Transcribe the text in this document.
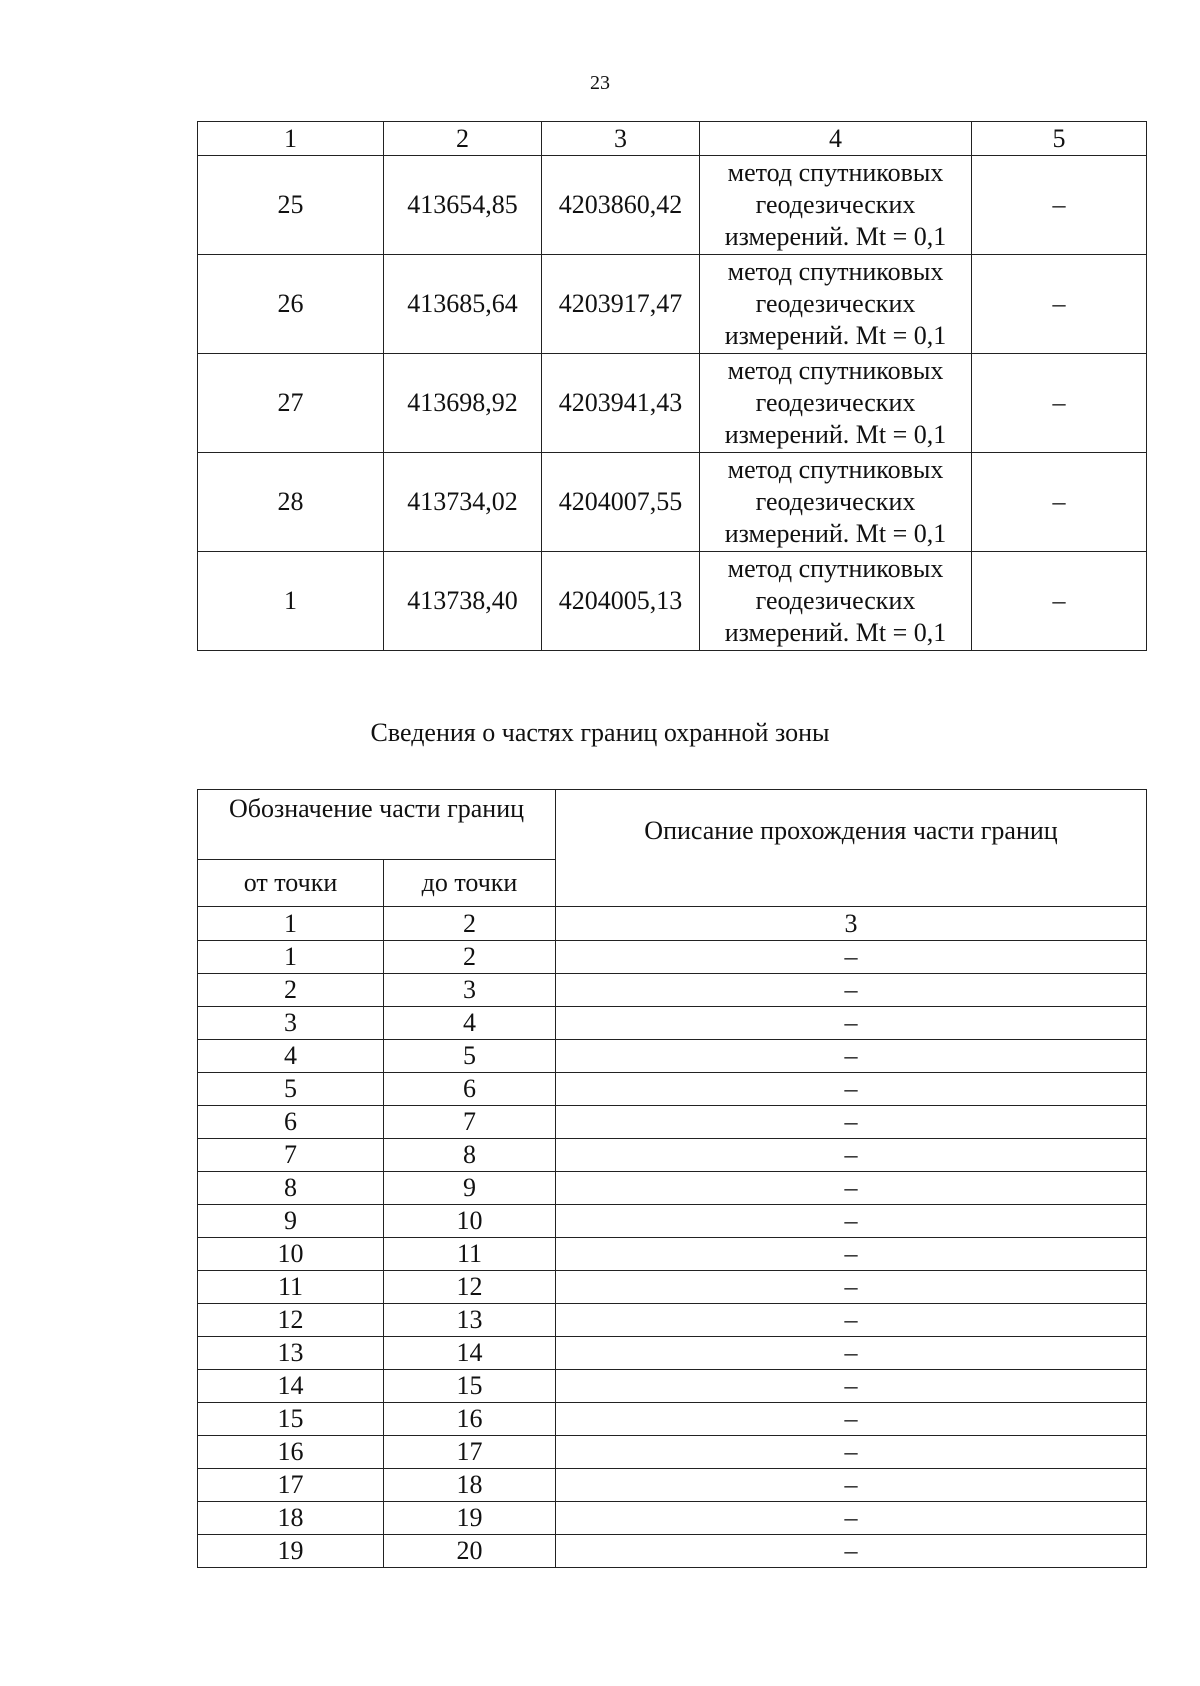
23
1	2	3	4	5
25	413654,85	4203860,42	метод спутниковых
геодезических
измерений. Mt = 0,1	–
26	413685,64	4203917,47	метод спутниковых
геодезических
измерений. Mt = 0,1	–
27	413698,92	4203941,43	метод спутниковых
геодезических
измерений. Mt = 0,1	–
28	413734,02	4204007,55	метод спутниковых
геодезических
измерений. Mt = 0,1	–
1	413738,40	4204005,13	метод спутниковых
геодезических
измерений. Mt = 0,1	–
Сведения о частях границ охранной зоны
Обозначение части границ		Описание прохождения части границ
от точки	до точки	
1	2	3
1	2	–
2	3	–
3	4	–
4	5	–
5	6	–
6	7	–
7	8	–
8	9	–
9	10	–
10	11	–
11	12	–
12	13	–
13	14	–
14	15	–
15	16	–
16	17	–
17	18	–
18	19	–
19	20	–
